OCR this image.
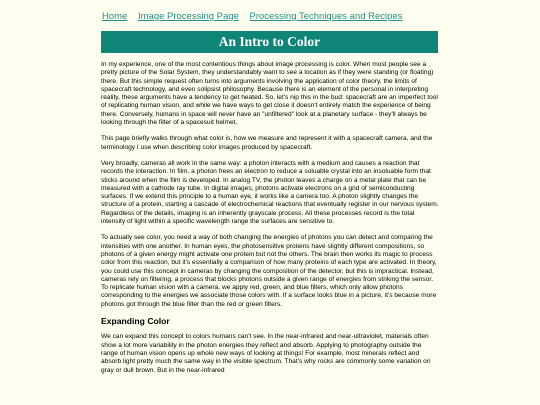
Home Image Processing Page Processing Techniques and Recipes
An Intro to Color

In my experience, one of the most contentious things about image processing is color. When most people see a pretty picture of the Solar System, they understandably want to see a location as if they were standing (or floating) there. But this simple request often turns into arguments involving the application of color theory, the limits of spacecraft technology, and even solipsist philosophy. Because there is an element of the personal in interpreting reality, these arguments have a tendency to get heated. So, let's nip this in the bud: spacecraft are an imperfect tool of replicating human vision, and while we have ways to get close it doesn't entirely match the experience of being there. Conversely, humans in space will never have an "unfiltered" look at a planetary surface - they'll always be looking through the filter of a spacesuit helmet.

This page briefly walks through what color is, how we measure and represent it with a spacecraft camera, and the terminology I use when describing color images produced by spacecraft.

Very broadly, cameras all work in the same way: a photon interacts with a medium and causes a reaction that records the interaction. In film, a photon frees an electron to reduce a soluable crystal into an insoluable form that sticks around when the film is developed. In analog TV, the photon leaves a charge on a metal plate that can be measured with a cathode ray tube. In digital images, photons activate electrons on a grid of semiconducting surfaces. If we extend this principle to a human eye, it works like a camera too. A photon slightly changes the structure of a protein, starting a cascade of electrochemical reactions that eventually register in our nervous system. Regardless of the details, imaging is an inherently grayscale process. All these processes record is the total intensity of light within a specific wavelength range the surfaces are sensitive to.

To actually see color, you need a way of both changing the energies of photons you can detect and comparing the intensities with one another. In human eyes, the photosensitive proteins have slightly different compositions, so photons of a given energy might activate one protein but not the others. The brain then works its magic to process color from this reaction, but it's essentially a comparison of how many proteins of each type are activated. In theory, you could use this concept in cameras by changing the composition of the detector, but this is impractical. Instead, cameras rely on filtering, a process that blocks photons outside a given range of energies from striking the sensor. To replicate human vision with a camera, we apply red, green, and blue filters, which only allow photons corresponding to the energies we associate those colors with. If a surface looks blue in a picture, it's because more photons got through the blue filter than the red or green filters.

Expanding Color

We can expand this concept to colors humans can't see. In the near-infrared and near-ultraviolet, materials often show a lot more variability in the photon energies they reflect and absorb. Applying to photography outside the range of human vision opens up whole new ways of looking at things! For example, most minerals reflect and absorb light pretty much the same way in the visible spectrum. That's why rocks are commonly some variation on gray or dull brown. But in the near-infrared
